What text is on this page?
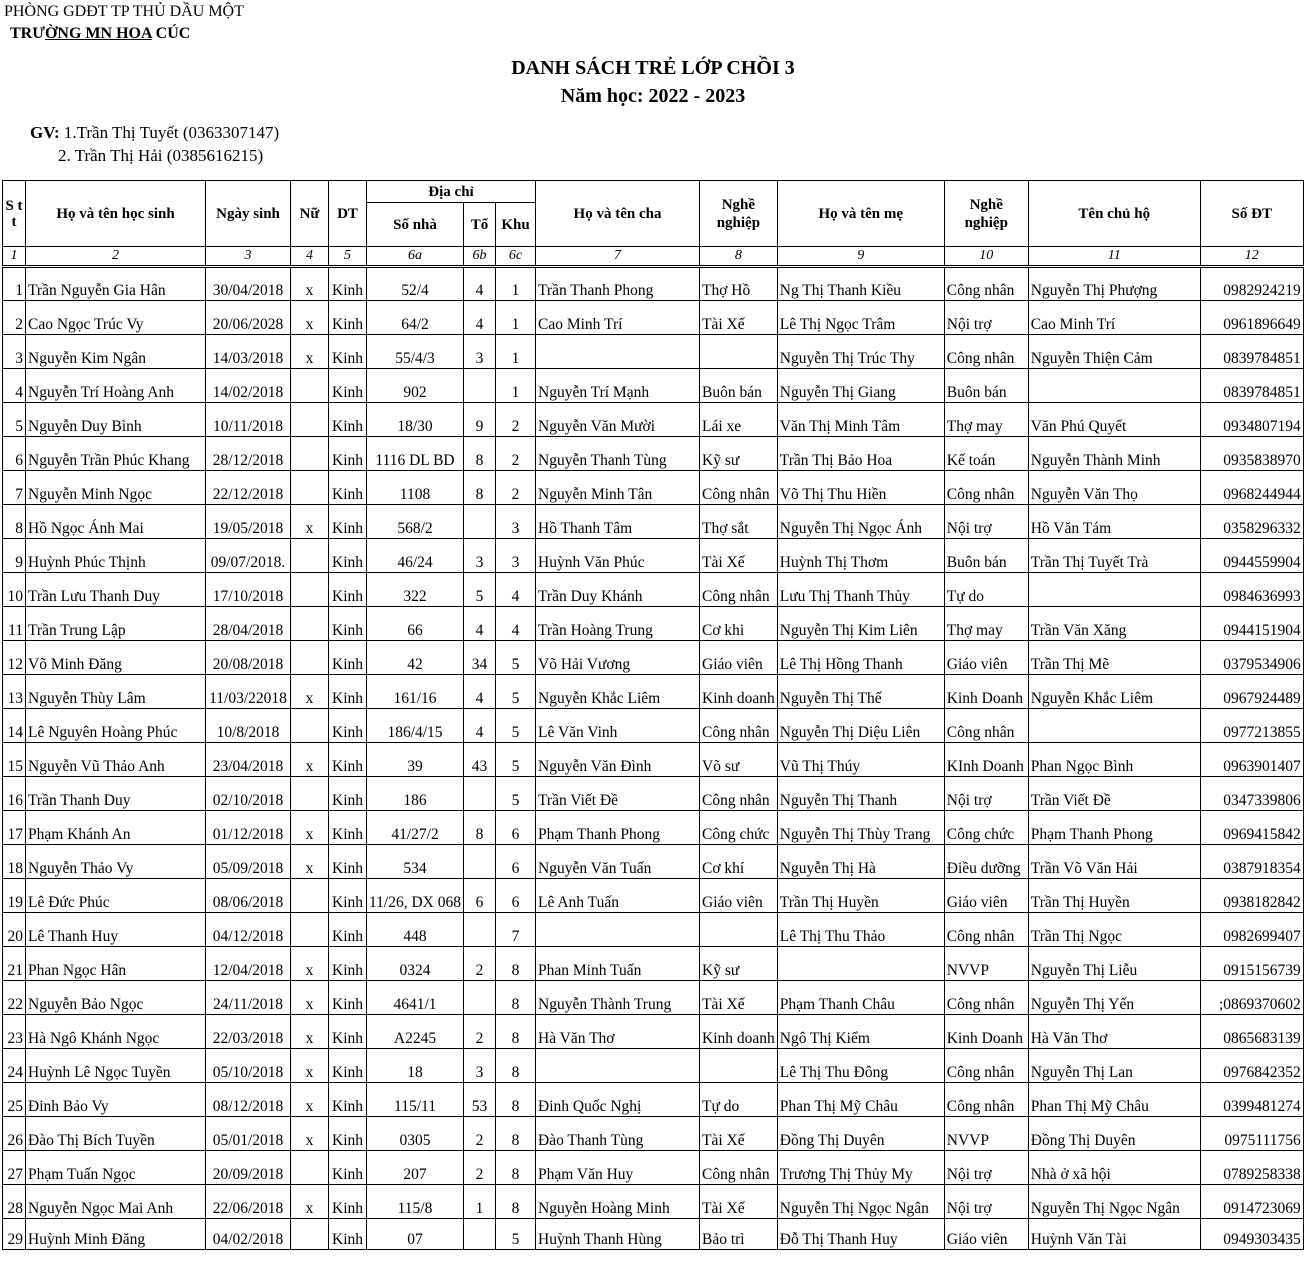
PHÒNG GDĐT TP THỦ DẦU MỘT
TRƯỜNG MN HOA CÚC
DANH SÁCH TRẺ LỚP CHỒI 3
Năm học: 2022 - 2023
GV: 1.Trần Thị Tuyết (0363307147)
2. Trần Thị Hải (0385616215)
S t t	Họ và tên học sinh	Ngày sinh	Nữ	DT	Địa chỉ			Họ và tên cha	Nghề nghiệp	Họ và tên mẹ	Nghề nghiệp	Tên chủ hộ	Số ĐT
					Số nhà	Tổ	Khu						
1	2	3	4	5	6a	6b	6c	7	8	9	10	11	12
1	Trần Nguyễn Gia Hân	30/04/2018	x	Kinh	52/4	4	1	Trần Thanh Phong	Thợ Hồ	Ng Thị Thanh Kiều	Công nhân	Nguyễn Thị Phượng	0982924219
2	Cao Ngọc Trúc Vy	20/06/2028	x	Kinh	64/2	4	1	Cao Minh Trí	Tài Xế	Lê Thị Ngọc Trâm	Nội trợ	Cao Minh Trí	0961896649
3	Nguyễn Kim Ngân	14/03/2018	x	Kinh	55/4/3	3	1			Nguyễn Thị Trúc Thy	Công nhân	Nguyễn Thiện Cảm	0839784851
4	Nguyễn Trí Hoàng Anh	14/02/2018		Kinh	902		1	Nguyễn Trí Mạnh	Buôn bán	Nguyễn Thị Giang	Buôn bán		0839784851
5	Nguyễn Duy Bình	10/11/2018		Kinh	18/30	9	2	Nguyễn Văn Mười	Lái xe	Văn Thị Minh Tâm	Thợ may	Văn Phú Quyết	0934807194
6	Nguyễn Trần Phúc Khang	28/12/2018		Kinh	1116 DL BD	8	2	Nguyễn Thanh Tùng	Kỹ sư	Trần Thị Bảo Hoa	Kế toán	Nguyễn Thành Minh	0935838970
7	Nguyễn Minh Ngọc	22/12/2018		Kinh	1108	8	2	Nguyễn Minh Tân	Công nhân	Võ Thị Thu Hiền	Công nhân	Nguyễn Văn Thọ	0968244944
8	Hồ Ngọc Ánh Mai	19/05/2018	x	Kinh	568/2		3	Hồ Thanh Tâm	Thợ sắt	Nguyễn Thị Ngọc Ánh	Nội trợ	Hồ Văn Tám	0358296332
9	Huỳnh Phúc Thịnh	09/07/2018.		Kinh	46/24	3	3	Huỳnh Văn Phúc	Tài Xế	Huỳnh Thị Thơm	Buôn bán	Trần Thị Tuyết Trà	0944559904
10	Trần Lưu Thanh Duy	17/10/2018		Kinh	322	5	4	Trần Duy Khánh	Công nhân	Lưu Thị Thanh Thủy	Tự do		0984636993
11	Trần Trung Lập	28/04/2018		Kinh	66	4	4	Trần Hoàng Trung	Cơ khi	Nguyễn Thị Kim Liên	Thợ may	Trần Văn Xăng	0944151904
12	Võ Minh Đăng	20/08/2018		Kinh	42	34	5	Võ Hải Vương	Giáo viên	Lê Thị Hồng Thanh	Giáo viên	Trần Thị Mẽ	0379534906
13	Nguyễn Thùy Lâm	11/03/22018	x	Kinh	161/16	4	5	Nguyễn Khắc Liêm	Kinh doanh	Nguyễn Thị Thế	Kinh Doanh	Nguyễn Khắc Liêm	0967924489
14	Lê Nguyên Hoàng Phúc	10/8/2018		Kinh	186/4/15	4	5	Lê Văn Vinh	Công nhân	Nguyễn Thị Diệu Liên	Công nhân		0977213855
15	Nguyễn Vũ Thảo Anh	23/04/2018	x	Kinh	39	43	5	Nguyễn Văn Đình	Võ sư	Vũ Thị Thúy	KInh Doanh	Phan Ngọc Bình	0963901407
16	Trần Thanh Duy	02/10/2018		Kinh	186		5	Trần Viết Đề	Công nhân	Nguyễn Thị Thanh	Nội trợ	Trần Viết Đề	0347339806
17	Phạm Khánh An	01/12/2018	x	Kinh	41/27/2	8	6	Phạm Thanh Phong	Công chức	Nguyễn Thị Thùy Trang	Công chức	Phạm Thanh Phong	0969415842
18	Nguyễn Thảo Vy	05/09/2018	x	Kinh	534		6	Nguyễn Văn Tuấn	Cơ khí	Nguyễn Thị Hà	Điều dưỡng	Trần Võ Văn Hải	0387918354
19	Lê Đức Phúc	08/06/2018		Kinh	11/26, DX 068	6	6	Lê Anh Tuấn	Giáo viên	Trần Thị Huyền	Giáo viên	Trần Thị Huyền	0938182842
20	Lê Thanh Huy	04/12/2018		Kinh	448		7			Lê Thị Thu Thảo	Công nhân	Trần Thị Ngọc	0982699407
21	Phan Ngọc Hân	12/04/2018	x	Kinh	0324	2	8	Phan Minh Tuấn	Kỹ sư		NVVP	Nguyễn Thị Liễu	0915156739
22	Nguyễn Bảo Ngọc	24/11/2018	x	Kinh	4641/1		8	Nguyễn Thành Trung	Tài Xế	Phạm Thanh Châu	Công nhân	Nguyễn Thị Yến	;0869370602
23	Hà Ngô Khánh Ngọc	22/03/2018	x	Kinh	A2245	2	8	Hà Văn Thơ	Kinh doanh	Ngô Thị Kiểm	Kinh Doanh	Hà Văn Thơ	0865683139
24	Huỳnh Lê Ngọc Tuyền	05/10/2018	x	Kinh	18	3	8			Lê Thị Thu Đông	Công nhân	Nguyễn Thị Lan	0976842352
25	Đinh Bảo Vy	08/12/2018	x	Kinh	115/11	53	8	Đinh Quốc Nghị	Tự do	Phan Thị Mỹ Châu	Công nhân	Phan Thị Mỹ Châu	0399481274
26	Đào Thị Bích Tuyền	05/01/2018	x	Kinh	0305	2	8	Đào Thanh Tùng	Tài Xế	Đồng Thị Duyên	NVVP	Đồng Thị Duyên	0975111756
27	Phạm Tuấn Ngọc	20/09/2018		Kinh	207	2	8	Phạm Văn Huy	Công nhân	Trương Thị Thủy My	Nội trợ	Nhà ở xã hội	0789258338
28	Nguyễn Ngọc Mai Anh	22/06/2018	x	Kinh	115/8	1	8	Nguyễn Hoàng Minh	Tài Xế	Nguyễn Thị Ngọc Ngân	Nội trợ	Nguyễn Thị Ngọc Ngân	0914723069
29	Huỳnh Minh Đăng	04/02/2018		Kinh	07		5	Huỳnh Thanh Hùng	Bảo trì	Đỗ Thị Thanh Huy	Giáo viên	Huỳnh Văn Tài	0949303435
